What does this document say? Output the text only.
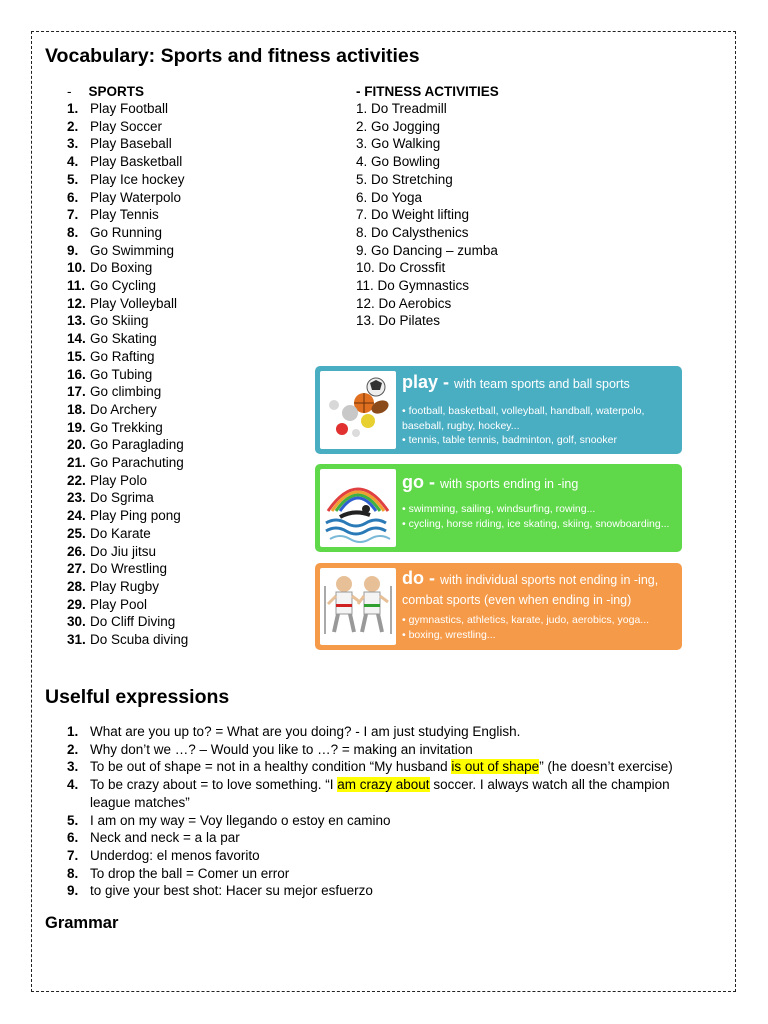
Vocabulary: Sports and fitness activities
- SPORTS
1. Play Football
2. Play Soccer
3. Play Baseball
4. Play Basketball
5. Play Ice hockey
6. Play Waterpolo
7. Play Tennis
8. Go Running
9. Go Swimming
10. Do Boxing
11. Go Cycling
12. Play Volleyball
13. Go Skiing
14. Go Skating
15. Go Rafting
16. Go Tubing
17. Go climbing
18. Do Archery
19. Go Trekking
20. Go Paraglading
21. Go Parachuting
22. Play Polo
23. Do Sgrima
24. Play Ping pong
25. Do Karate
26. Do Jiu jitsu
27. Do Wrestling
28. Play Rugby
29. Play Pool
30. Do Cliff Diving
31. Do Scuba diving
- FITNESS ACTIVITIES
1. Do Treadmill
2. Go Jogging
3. Go Walking
4. Go Bowling
5. Do Stretching
6. Do Yoga
7. Do Weight lifting
8. Do Calysthenics
9. Go Dancing – zumba
10. Do Crossfit
11. Do Gymnastics
12. Do Aerobics
13. Do Pilates
play - with team sports and ball sports
• football, basketball, volleyball, handball, waterpolo, baseball, rugby, hockey...
• tennis, table tennis, badminton, golf, snooker
go - with sports ending in -ing
• swimming, sailing, windsurfing, rowing...
• cycling, horse riding, ice skating, skiing, snowboarding...
do - with individual sports not ending in -ing, combat sports (even when ending in -ing)
• gymnastics, athletics, karate, judo, aerobics, yoga...
• boxing, wrestling...
Uselful expressions
1. What are you up to? = What are you doing? - I am just studying English.
2. Why don’t we …? – Would you like to …? = making an invitation
3. To be out of shape = not in a healthy condition “My husband is out of shape” (he doesn’t exercise)
4. To be crazy about = to love something. “I am crazy about soccer. I always watch all the champion league matches”
5. I am on my way = Voy llegando o estoy en camino
6. Neck and neck = a la par
7. Underdog: el menos favorito
8. To drop the ball = Comer un error
9. to give your best shot: Hacer su mejor esfuerzo
Grammar
